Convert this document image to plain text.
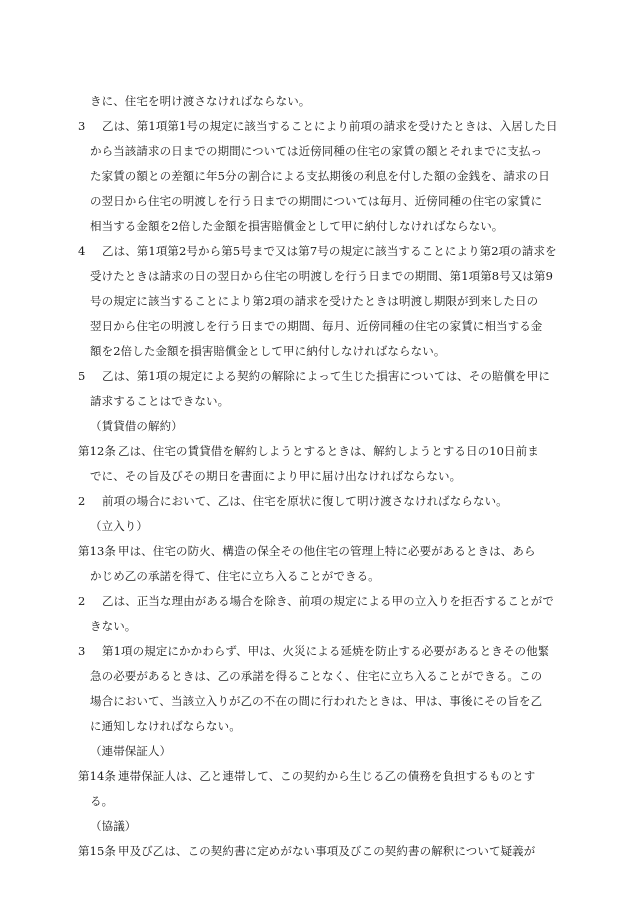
きに、住宅を明け渡さなければならない。
3 乙は、第1項第1号の規定に該当することにより前項の請求を受けたときは、入居した日
から当該請求の日までの期間については近傍同種の住宅の家賃の額とそれまでに支払っ
た家賃の額との差額に年5分の割合による支払期後の利息を付した額の金銭を、請求の日
の翌日から住宅の明渡しを行う日までの期間については毎月、近傍同種の住宅の家賃に
相当する金額を2倍した金額を損害賠償金として甲に納付しなければならない。
4 乙は、第1項第2号から第5号まで又は第7号の規定に該当することにより第2項の請求を
受けたときは請求の日の翌日から住宅の明渡しを行う日までの期間、第1項第8号又は第9
号の規定に該当することにより第2項の請求を受けたときは明渡し期限が到来した日の
翌日から住宅の明渡しを行う日までの期間、毎月、近傍同種の住宅の家賃に相当する金
額を2倍した金額を損害賠償金として甲に納付しなければならない。
5 乙は、第1項の規定による契約の解除によって生じた損害については、その賠償を甲に
請求することはできない。
（賃貸借の解約）
第12条 乙は、住宅の賃貸借を解約しようとするときは、解約しようとする日の10日前ま
でに、その旨及びその期日を書面により甲に届け出なければならない。
2 前項の場合において、乙は、住宅を原状に復して明け渡さなければならない。
（立入り）
第13条 甲は、住宅の防火、構造の保全その他住宅の管理上特に必要があるときは、あら
かじめ乙の承諾を得て、住宅に立ち入ることができる。
2 乙は、正当な理由がある場合を除き、前項の規定による甲の立入りを拒否することがで
きない。
3 第1項の規定にかかわらず、甲は、火災による延焼を防止する必要があるときその他緊
急の必要があるときは、乙の承諾を得ることなく、住宅に立ち入ることができる。この
場合において、当該立入りが乙の不在の間に行われたときは、甲は、事後にその旨を乙
に通知しなければならない。
（連帯保証人）
第14条 連帯保証人は、乙と連帯して、この契約から生じる乙の債務を負担するものとす
る。
（協議）
第15条 甲及び乙は、この契約書に定めがない事項及びこの契約書の解釈について疑義が
